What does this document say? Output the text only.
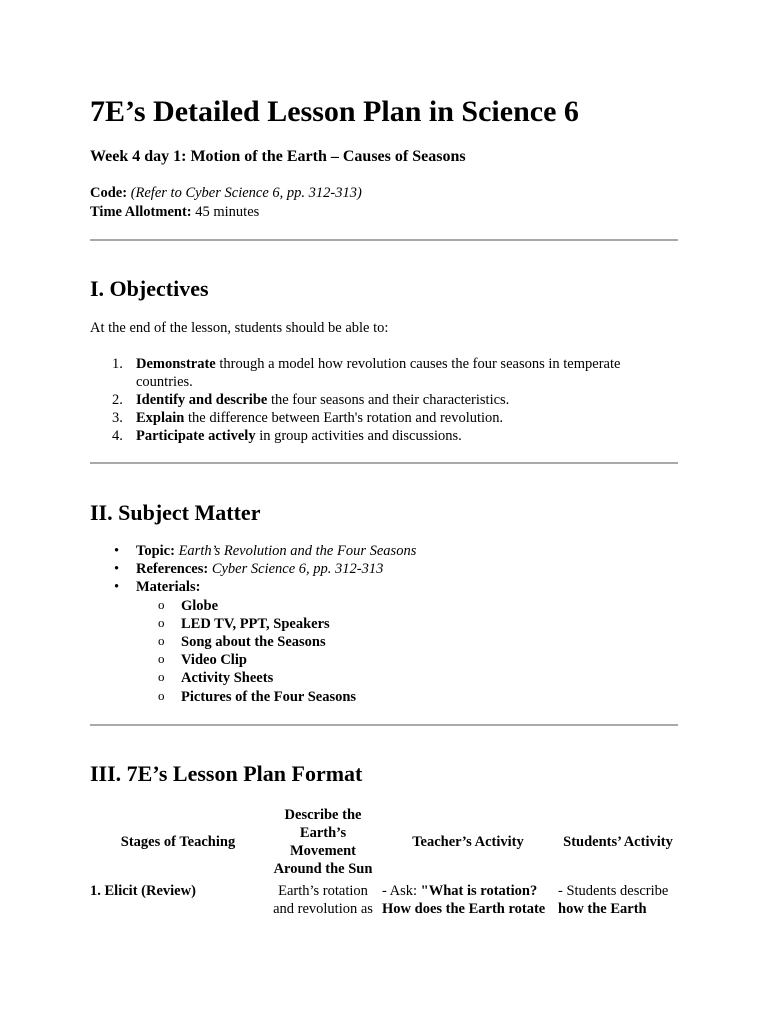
7E’s Detailed Lesson Plan in Science 6
Week 4 day 1: Motion of the Earth – Causes of Seasons
Code: (Refer to Cyber Science 6, pp. 312-313)
Time Allotment: 45 minutes
I. Objectives
At the end of the lesson, students should be able to:
1. Demonstrate through a model how revolution causes the four seasons in temperate countries.
2. Identify and describe the four seasons and their characteristics.
3. Explain the difference between Earth's rotation and revolution.
4. Participate actively in group activities and discussions.
II. Subject Matter
• Topic: Earth’s Revolution and the Four Seasons
• References: Cyber Science 6, pp. 312-313
• Materials:
o Globe
o LED TV, PPT, Speakers
o Song about the Seasons
o Video Clip
o Activity Sheets
o Pictures of the Four Seasons
III. 7E’s Lesson Plan Format
Stages of Teaching	Describe the Earth’s Movement Around the Sun	Teacher’s Activity	Students’ Activity
1. Elicit (Review)	Earth’s rotation and revolution as	- Ask: "What is rotation? How does the Earth rotate	- Students describe how the Earth
